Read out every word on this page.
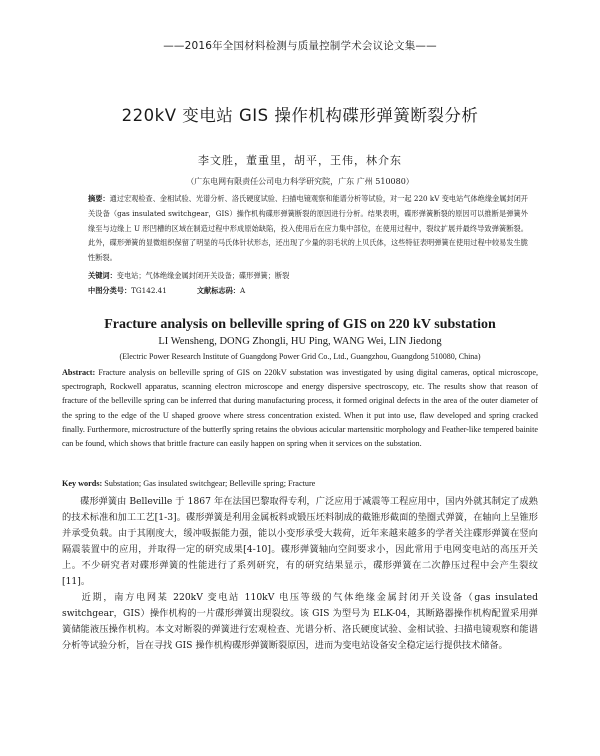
——2016年全国材料检测与质量控制学术会议论文集——
220kV 变电站 GIS 操作机构碟形弹簧断裂分析
李文胜，董重里，胡平，王伟，林介东
（广东电网有限责任公司电力科学研究院，广东 广州 510080）
摘要：通过宏观检查、金相试验、光谱分析、洛氏硬度试验、扫描电镜观察和能谱分析等试验，对一起 220 kV 变电站气体绝缘金属封闭开关设备（gas insulated switchgear，GIS）操作机构碟形弹簧断裂的原因进行分析。结果表明，碟形弹簧断裂的原因可以推断是弹簧外缘至与边缘上 U 形凹槽的区域在制造过程中形成原始缺陷，投入使用后在应力集中部位，在使用过程中，裂纹扩展并最终导致弹簧断裂。此外，碟形弹簧的显微组织保留了明显的马氏体针状形态，还出现了少量的羽毛状的上贝氏体，这些特征表明弹簧在使用过程中较易发生脆性断裂。
关键词：变电站；气体绝缘金属封闭开关设备；碟形弹簧；断裂
中图分类号：TG142.41	文献标志码：A
Fracture analysis on belleville spring of GIS on 220 kV substation
LI Wensheng, DONG Zhongli, HU Ping, WANG Wei, LIN Jiedong
(Electric Power Research Institute of Guangdong Power Grid Co., Ltd., Guangzhou, Guangdong 510080, China)
Abstract: Fracture analysis on belleville spring of GIS on 220kV substation was investigated by using digital cameras, optical microscope, spectrograph, Rockwell apparatus, scanning electron microscope and energy dispersive spectroscopy, etc. The results show that reason of fracture of the belleville spring can be inferred that during manufacturing process, it formed original defects in the area of the outer diameter of the spring to the edge of the U shaped groove where stress concentration existed. When it put into use, flaw developed and spring cracked finally. Furthermore, microstructure of the butterfly spring retains the obvious acicular martensitic morphology and Feather-like tempered bainite can be found, which shows that brittle fracture can easily happen on spring when it services on the substation.
Key words: Substation; Gas insulated switchgear; Belleville spring; Fracture
碟形弹簧由 Belleville 于 1867 年在法国巴黎取得专利，广泛应用于减震等工程应用中，国内外就其制定了成熟的技术标准和加工工艺[1-3]。碟形弹簧是利用金属板料或锻压坯料制成的截锥形截面的垫圈式弹簧，在轴向上呈锥形并承受负载。由于其刚度大，缓冲吸振能力强，能以小变形承受大载荷，近年来越来越多的学者关注碟形弹簧在竖向隔震装置中的应用，并取得一定的研究成果[4-10]。碟形弹簧轴向空间要求小，因此常用于电网变电站的高压开关上。不少研究者对碟形弹簧的性能进行了系列研究，有的研究结果显示，碟形弹簧在二次静压过程中会产生裂纹[11]。
近期，南方电网某 220kV 变电站 110kV 电压等级的气体绝缘金属封闭开关设备（gas insulated switchgear，GIS）操作机构的一片碟形弹簧出现裂纹。该 GIS 为型号为 ELK-04，其断路器操作机构配置采用弹簧储能液压操作机构。本文对断裂的弹簧进行宏观检查、光谱分析、洛氏硬度试验、金相试验、扫描电镜观察和能谱分析等试验分析，旨在寻找 GIS 操作机构碟形弹簧断裂原因，进而为变电站设备安全稳定运行提供技术储备。
